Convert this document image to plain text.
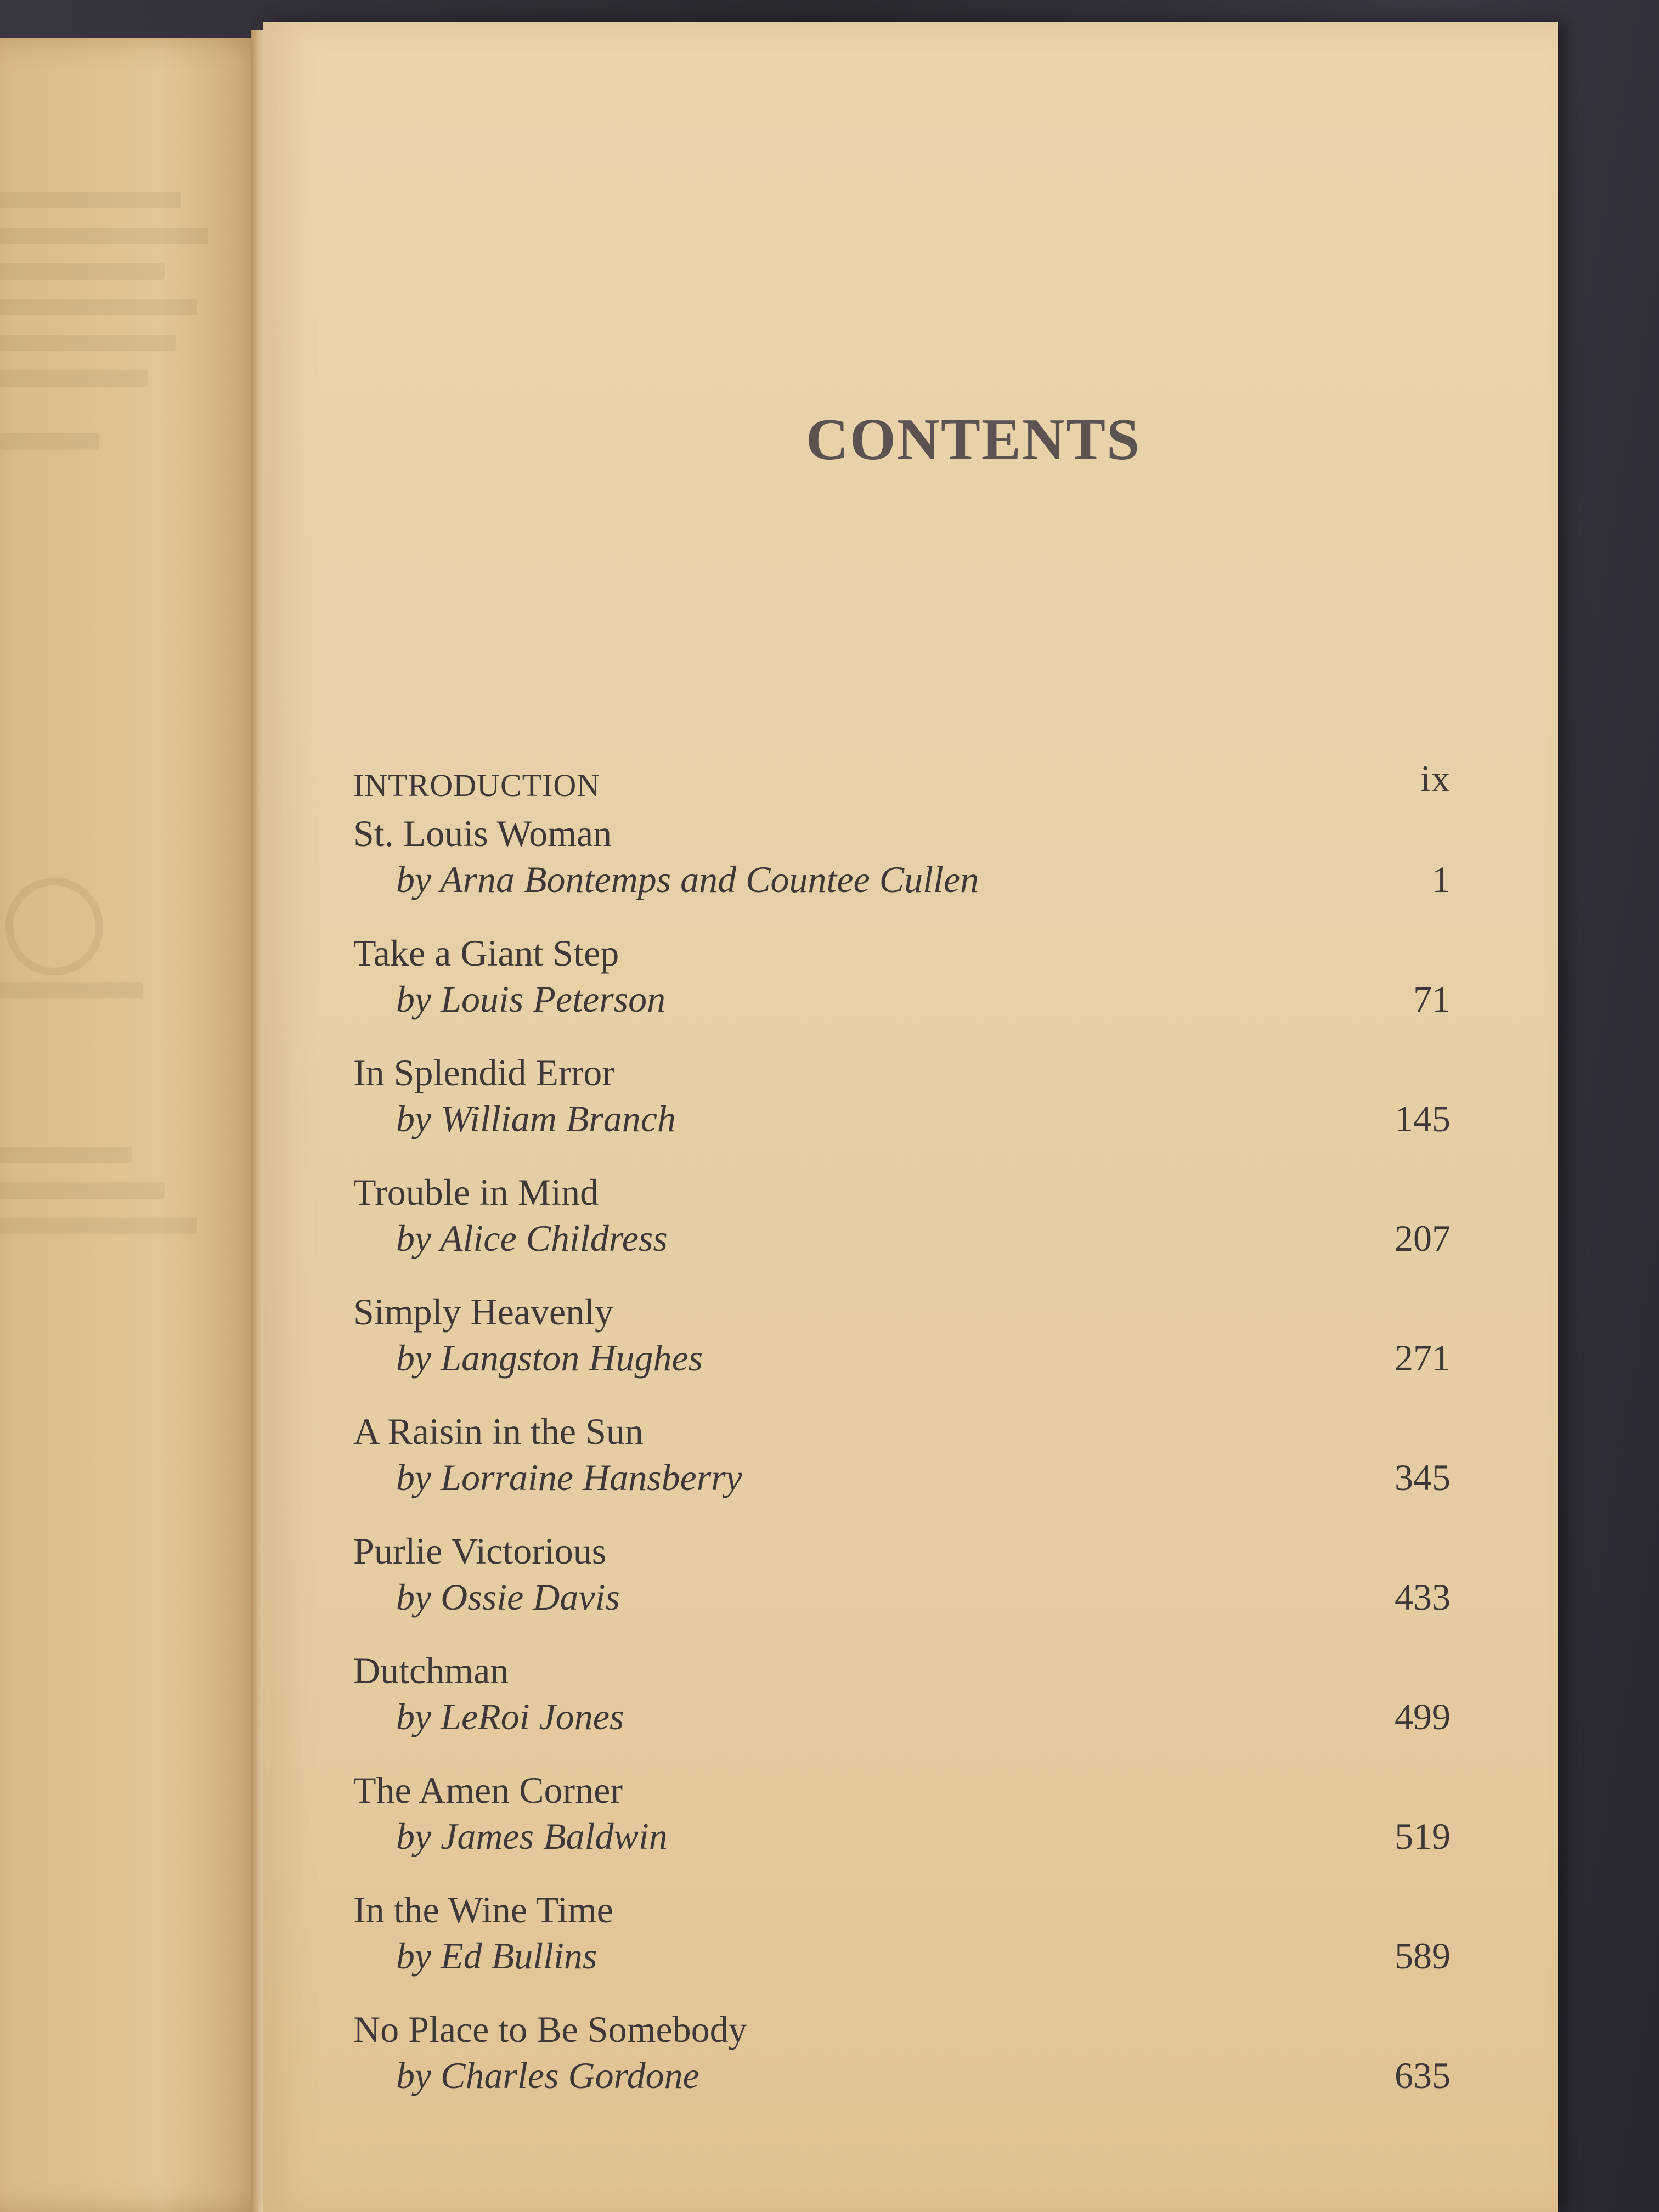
CONTENTS
INTRODUCTION	ix
St. Louis Woman
by Arna Bontemps and Countee Cullen	1
Take a Giant Step
by Louis Peterson	71
In Splendid Error
by William Branch	145
Trouble in Mind
by Alice Childress	207
Simply Heavenly
by Langston Hughes	271
A Raisin in the Sun
by Lorraine Hansberry	345
Purlie Victorious
by Ossie Davis	433
Dutchman
by LeRoi Jones	499
The Amen Corner
by James Baldwin	519
In the Wine Time
by Ed Bullins	589
No Place to Be Somebody
by Charles Gordone	635
